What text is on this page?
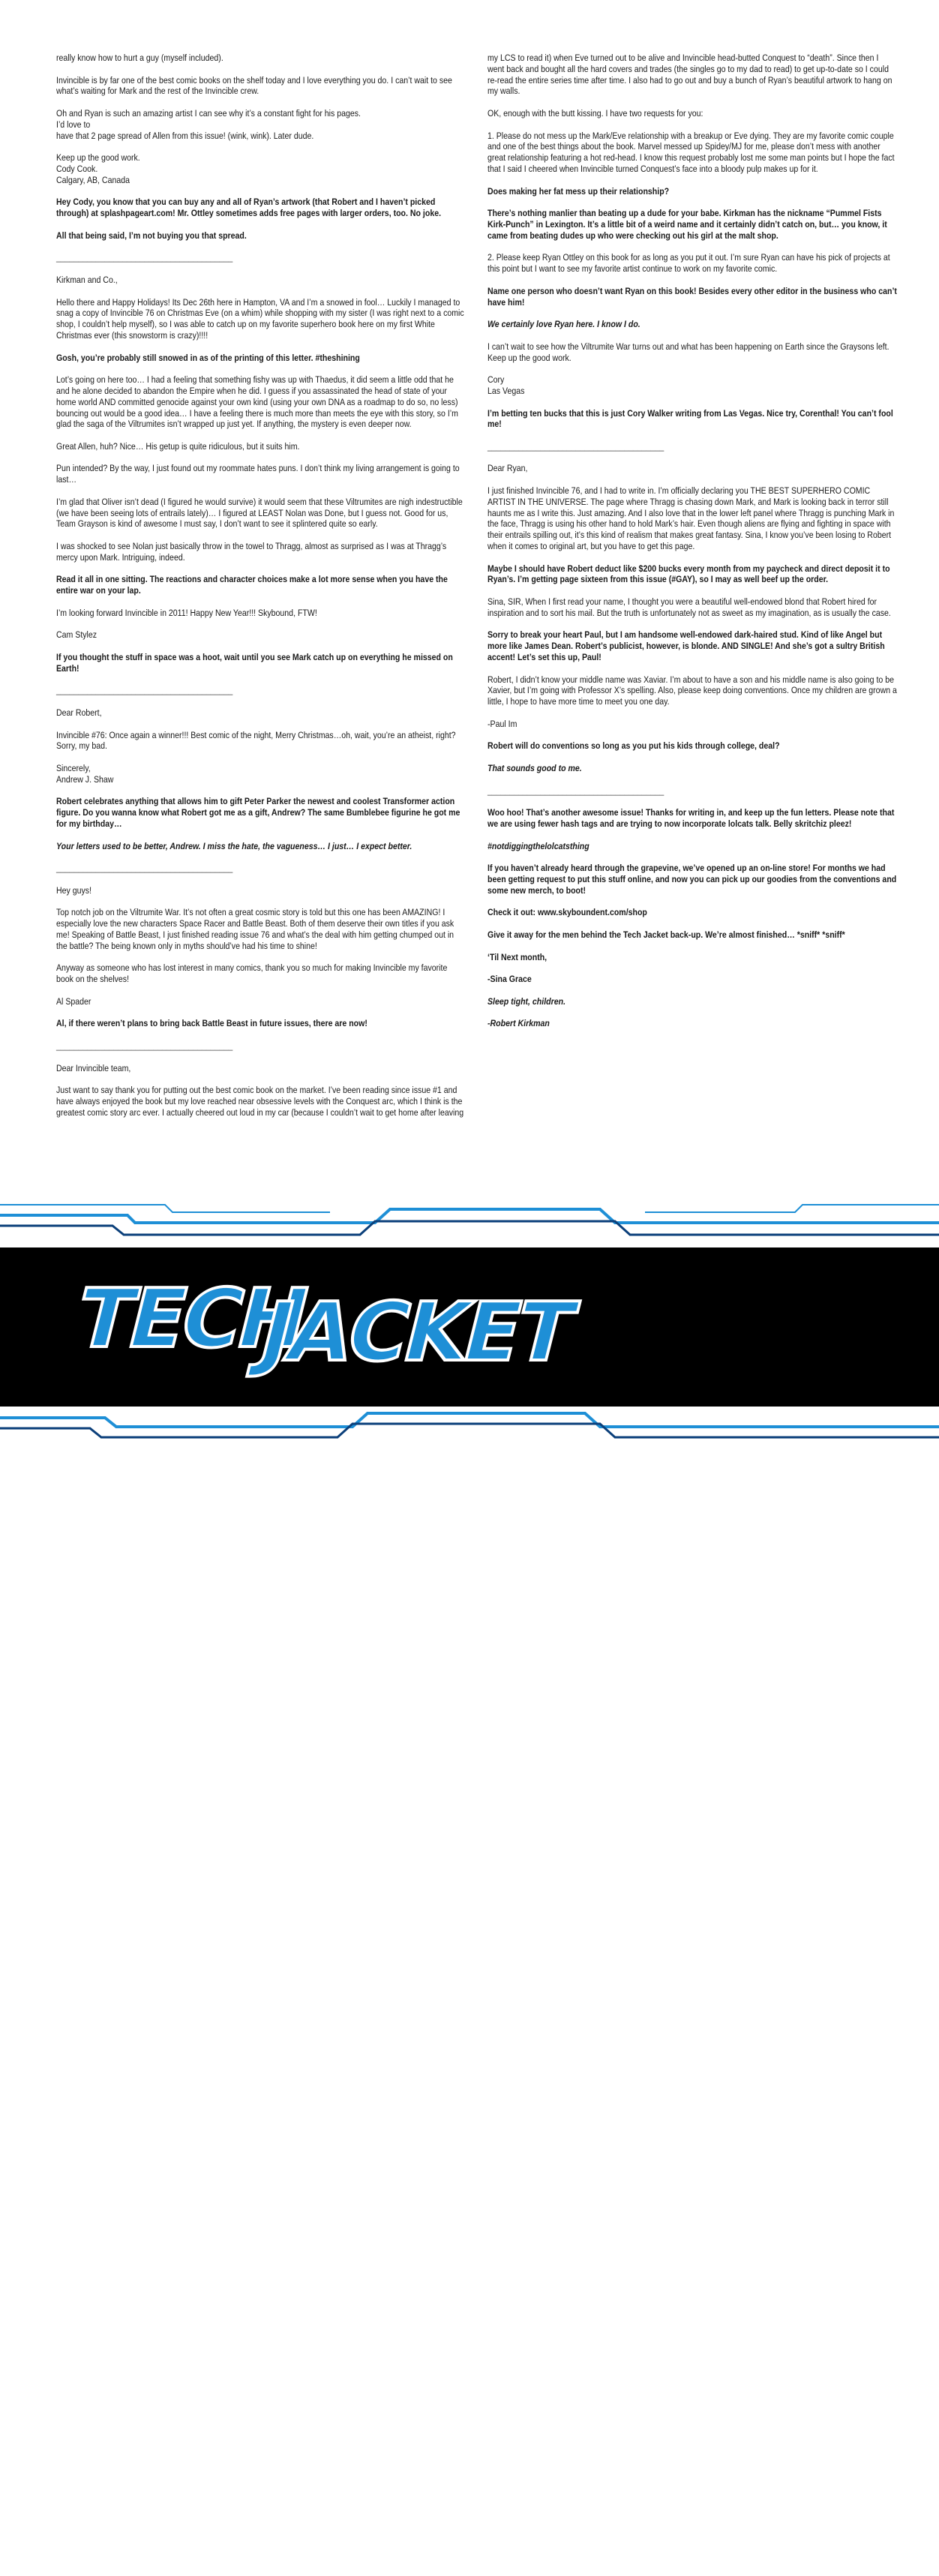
really know how to hurt a guy (myself included).

Invincible is by far one of the best comic books on the shelf today and I love everything you do. I can’t wait to see what’s waiting for Mark and the rest of the Invincible crew.

Oh and Ryan is such an amazing artist I can see why it’s a constant fight for his pages.
I’d love to
have that 2 page spread of Allen from this issue! (wink, wink). Later dude.

Keep up the good work.
Cody Cook.
Calgary, AB, Canada

Hey Cody, you know that you can buy any and all of Ryan’s artwork (that Robert and I haven’t picked through) at splashpageart.com! Mr. Ottley sometimes adds free pages with larger orders, too. No joke.

All that being said, I’m not buying you that spread.

________________________________________

Kirkman and Co.,

Hello there and Happy Holidays! Its Dec 26th here in Hampton, VA and I’m a snowed in fool… Luckily I managed to snag a copy of Invincible 76 on Christmas Eve (on a whim) while shopping with my sister (I was right next to a comic shop, I couldn’t help myself), so I was able to catch up on my favorite superhero book here on my first White Christmas ever (this snowstorm is crazy)!!!!

Gosh, you’re probably still snowed in as of the printing of this letter. #theshining

Lot’s going on here too… I had a feeling that something fishy was up with Thaedus, it did seem a little odd that he and he alone decided to abandon the Empire when he did. I guess if you assassinated the head of state of your home world AND committed genocide against your own kind (using your own DNA as a roadmap to do so, no less) bouncing out would be a good idea… I have a feeling there is much more than meets the eye with this story, so I’m glad the saga of the Viltrumites isn’t wrapped up just yet. If anything, the mystery is even deeper now.

Great Allen, huh? Nice… His getup is quite ridiculous, but it suits him.

Pun intended? By the way, I just found out my roommate hates puns. I don’t think my living arrangement is going to last…

I’m glad that Oliver isn’t dead (I figured he would survive) it would seem that these Viltrumites are nigh indestructible (we have been seeing lots of entrails lately)… I figured at LEAST Nolan was Done, but I guess not. Good for us, Team Grayson is kind of awesome I must say, I don’t want to see it splintered quite so early.

I was shocked to see Nolan just basically throw in the towel to Thragg, almost as surprised as I was at Thragg’s mercy upon Mark. Intriguing, indeed.

Read it all in one sitting. The reactions and character choices make a lot more sense when you have the entire war on your lap.

I’m looking forward Invincible in 2011! Happy New Year!!! Skybound, FTW!

Cam Stylez

If you thought the stuff in space was a hoot, wait until you see Mark catch up on everything he missed on Earth!

________________________________________

Dear Robert,

Invincible #76: Once again a winner!!! Best comic of the night, Merry Christmas…oh, wait, you’re an atheist, right? Sorry, my bad.

Sincerely,
Andrew J. Shaw

Robert celebrates anything that allows him to gift Peter Parker the newest and coolest Transformer action figure. Do you wanna know what Robert got me as a gift, Andrew? The same Bumblebee figurine he got me for my birthday…

Your letters used to be better, Andrew. I miss the hate, the vagueness… I just… I expect better.

________________________________________

Hey guys!

Top notch job on the Viltrumite War. It’s not often a great cosmic story is told but this one has been AMAZING! I especially love the new characters Space Racer and Battle Beast. Both of them deserve their own titles if you ask me! Speaking of Battle Beast, I just finished reading issue 76 and what’s the deal with him getting chumped out in the battle? The being known only in myths should’ve had his time to shine!

Anyway as someone who has lost interest in many comics, thank you so much for making Invincible my favorite book on the shelves!

Al Spader

Al, if there weren’t plans to bring back Battle Beast in future issues, there are now!

________________________________________

Dear Invincible team,

Just want to say thank you for putting out the best comic book on the market. I’ve been reading since issue #1 and have always enjoyed the book but my love reached near obsessive levels with the Conquest arc, which I think is the greatest comic story arc ever. I actually cheered out loud in my car (because I couldn’t wait to get home after leaving

my LCS to read it) when Eve turned out to be alive and Invincible head-butted Conquest to “death”. Since then I went back and bought all the hard covers and trades (the singles go to my dad to read) to get up-to-date so I could re-read the entire series time after time. I also had to go out and buy a bunch of Ryan’s beautiful artwork to hang on my walls.

OK, enough with the butt kissing. I have two requests for you:

1. Please do not mess up the Mark/Eve relationship with a breakup or Eve dying. They are my favorite comic couple and one of the best things about the book. Marvel messed up Spidey/MJ for me, please don’t mess with another great relationship featuring a hot red-head. I know this request probably lost me some man points but I hope the fact that I said I cheered when Invincible turned Conquest’s face into a bloody pulp makes up for it.

Does making her fat mess up their relationship?

There’s nothing manlier than beating up a dude for your babe. Kirkman has the nickname “Pummel Fists Kirk-Punch” in Lexington. It’s a little bit of a weird name and it certainly didn’t catch on, but… you know, it came from beating dudes up who were checking out his girl at the malt shop.

2. Please keep Ryan Ottley on this book for as long as you put it out. I’m sure Ryan can have his pick of projects at this point but I want to see my favorite artist continue to work on my favorite comic.

Name one person who doesn’t want Ryan on this book! Besides every other editor in the business who can’t have him!

We certainly love Ryan here. I know I do.

I can’t wait to see how the Viltrumite War turns out and what has been happening on Earth since the Graysons left. Keep up the good work.

Cory
Las Vegas

I’m betting ten bucks that this is just Cory Walker writing from Las Vegas. Nice try, Corenthal! You can’t fool me!

________________________________________

Dear Ryan,

I just finished Invincible 76, and I had to write in. I’m officially declaring you THE BEST SUPERHERO COMIC ARTIST IN THE UNIVERSE. The page where Thragg is chasing down Mark, and Mark is looking back in terror still haunts me as I write this. Just amazing. And I also love that in the lower left panel where Thragg is punching Mark in the face, Thragg is using his other hand to hold Mark’s hair. Even though aliens are flying and fighting in space with their entrails spilling out, it’s this kind of realism that makes great fantasy. Sina, I know you’ve been losing to Robert when it comes to original art, but you have to get this page.

Maybe I should have Robert deduct like $200 bucks every month from my paycheck and direct deposit it to Ryan’s. I’m getting page sixteen from this issue (#GAY), so I may as well beef up the order.

Sina, SIR, When I first read your name, I thought you were a beautiful well-endowed blond that Robert hired for inspiration and to sort his mail. But the truth is unfortunately not as sweet as my imagination, as is usually the case.

Sorry to break your heart Paul, but I am handsome well-endowed dark-haired stud. Kind of like Angel but more like James Dean. Robert’s publicist, however, is blonde. AND SINGLE! And she’s got a sultry British accent! Let’s set this up, Paul!

Robert, I didn’t know your middle name was Xaviar. I’m about to have a son and his middle name is also going to be Xavier, but I’m going with Professor X’s spelling. Also, please keep doing conventions. Once my children are grown a little, I hope to have more time to meet you one day.

-Paul Im

Robert will do conventions so long as you put his kids through college, deal?

That sounds good to me.

________________________________________

Woo hoo! That’s another awesome issue! Thanks for writing in, and keep up the fun letters. Please note that we are using fewer hash tags and are trying to now incorporate lolcats talk. Belly skritchiz pleez!

#notdiggingthelolcatsthing

If you haven’t already heard through the grapevine, we’ve opened up an on-line store! For months we had been getting request to put this stuff online, and now you can pick up our goodies from the conventions and some new merch, to boot!

Check it out: www.skyboundent.com/shop

Give it away for the men behind the Tech Jacket back-up. We’re almost finished… *sniff* *sniff*

‘Til Next month,

-Sina Grace

Sleep tight, children.

-Robert Kirkman

TECH
JACKET
CHAPTER 7 of 8
Written by: Robert Kirkman &
Aubrey Sitterson
Pencils & Inks by: E.J. Su
Colors by: Ron Riley
Lettering by: Rus Wooton
